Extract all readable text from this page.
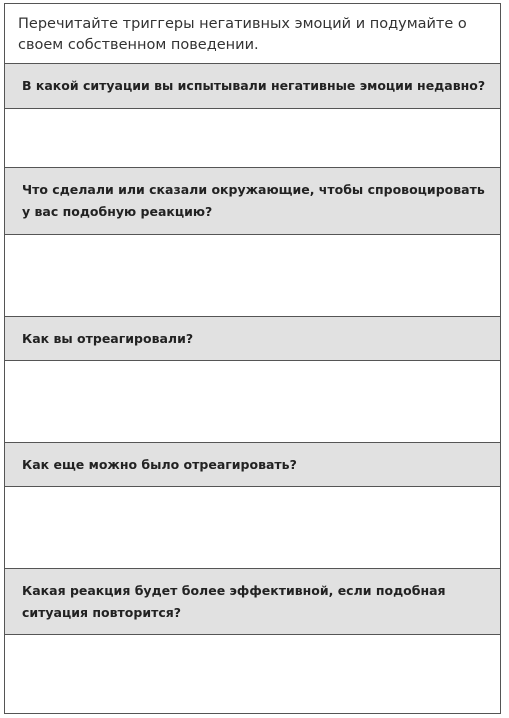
Перечитайте триггеры негативных эмоций и подумайте о своем собственном поведении.
В какой ситуации вы испытывали негативные эмоции недавно?
Что сделали или сказали окружающие, чтобы спровоцировать у вас подобную реакцию?
Как вы отреагировали?
Как еще можно было отреагировать?
Какая реакция будет более эффективной, если подобная ситуация повторится?
